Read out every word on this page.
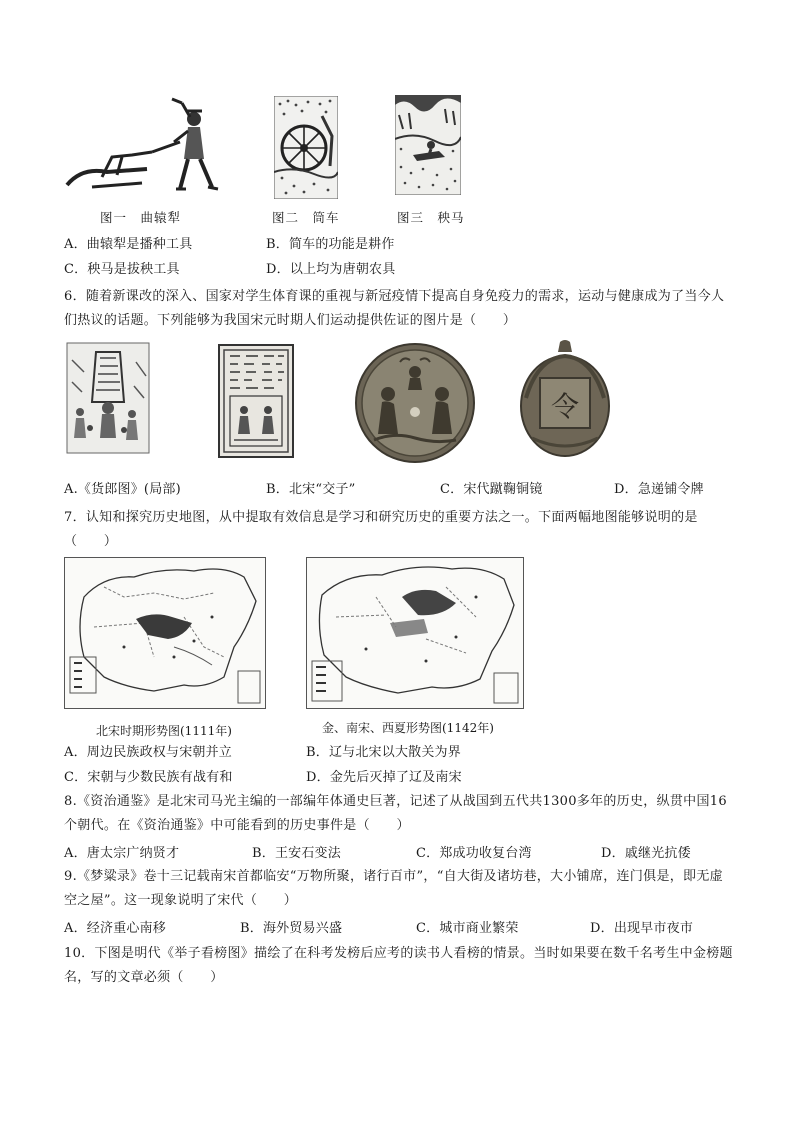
图一　曲辕犁	图二　筒车	图三　秧马
A．曲辕犁是播种工具	B．简车的功能是耕作
C．秧马是拔秧工具	D．以上均为唐朝农具
6．随着新课改的深入、国家对学生体育课的重视与新冠疫情下提高自身免疫力的需求，运动与健康成为了当今人们热议的话题。下列能够为我国宋元时期人们运动提供佐证的图片是（　　）
令
A.《货郎图》(局部)	B．北宋“交子”	C．宋代蹴鞠铜镜	D．急递铺令牌
7．认知和探究历史地图，从中提取有效信息是学习和研究历史的重要方法之一。下面两幅地图能够说明的是（　　）
北宋时期形势图(1111年)	金、南宋、西夏形势图(1142年)
A．周边民族政权与宋朝并立	B．辽与北宋以大散关为界
C．宋朝与少数民族有战有和	D．金先后灭掉了辽及南宋
8.《资治通鉴》是北宋司马光主编的一部编年体通史巨著，记述了从战国到五代共1300多年的历史，纵贯中国16个朝代。在《资治通鉴》中可能看到的历史事件是（　　）
A．唐太宗广纳贤才	B．王安石变法	C．郑成功收复台湾	D．戚继光抗倭
9.《梦粱录》卷十三记载南宋首都临安“万物所聚，诸行百市”，“自大街及诸坊巷，大小铺席，连门俱是，即无虚空之屋”。这一现象说明了宋代（　　）
A．经济重心南移	B．海外贸易兴盛	C．城市商业繁荣	D．出现早市夜市
10．下图是明代《举子看榜图》描绘了在科考发榜后应考的读书人看榜的情景。当时如果要在数千名考生中金榜题名，写的文章必须（　　）
